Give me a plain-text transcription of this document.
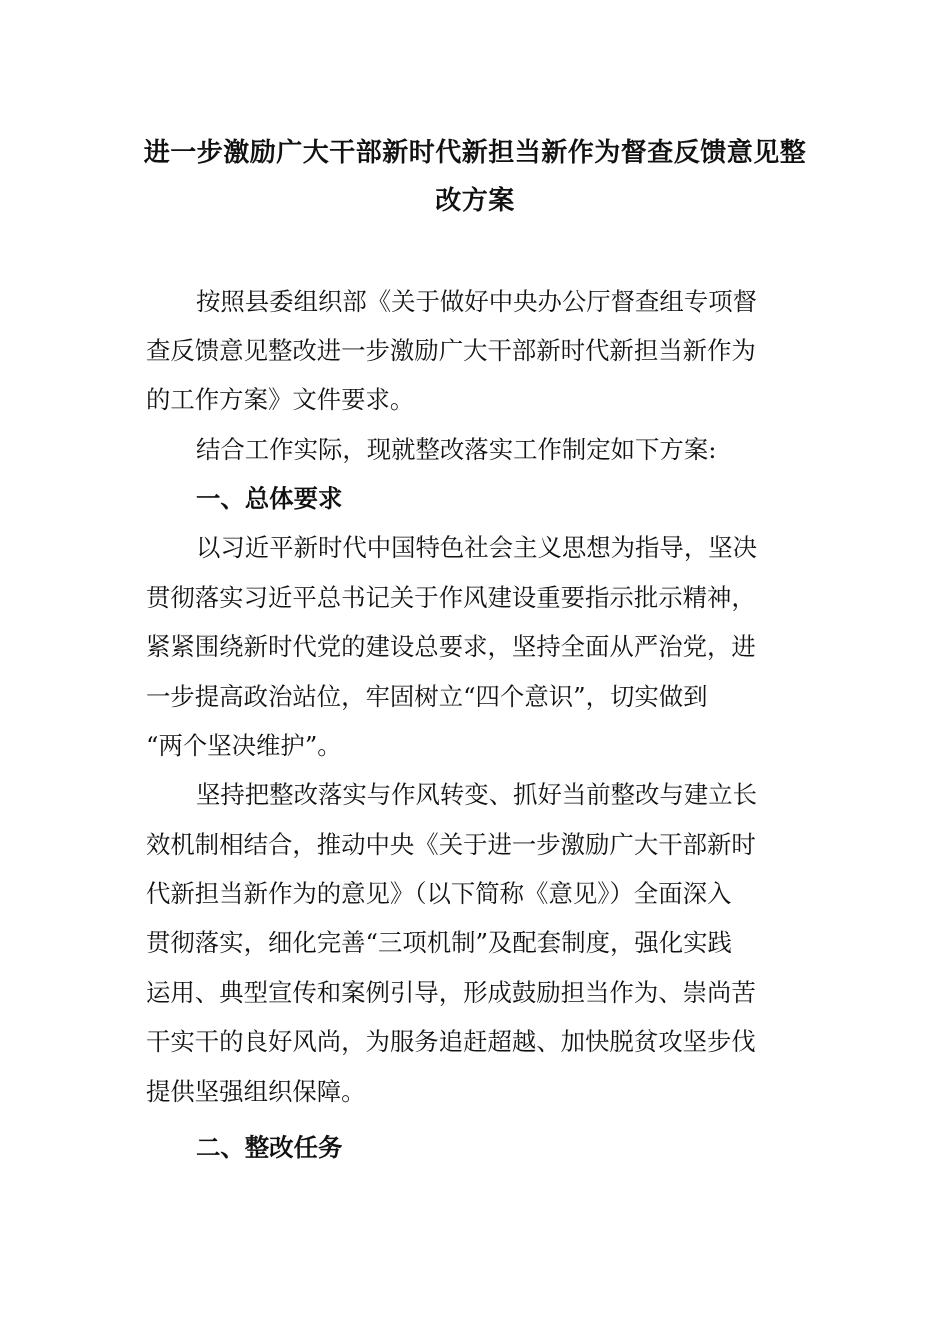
进一步激励广大干部新时代新担当新作为督查反馈意见整
改方案
按照县委组织部《关于做好中央办公厅督查组专项督
查反馈意见整改进一步激励广大干部新时代新担当新作为
的工作方案》文件要求。
结合工作实际，现就整改落实工作制定如下方案:
一、总体要求
以习近平新时代中国特色社会主义思想为指导，坚决
贯彻落实习近平总书记关于作风建设重要指示批示精神，
紧紧围绕新时代党的建设总要求，坚持全面从严治党，进
一步提高政治站位，牢固树立“四个意识”，切实做到
“两个坚决维护”。
坚持把整改落实与作风转变、抓好当前整改与建立长
效机制相结合，推动中央《关于进一步激励广大干部新时
代新担当新作为的意见》（以下简称《意见》）全面深入
贯彻落实，细化完善“三项机制”及配套制度，强化实践
运用、典型宣传和案例引导，形成鼓励担当作为、崇尚苦
干实干的良好风尚，为服务追赶超越、加快脱贫攻坚步伐
提供坚强组织保障。
二、整改任务
